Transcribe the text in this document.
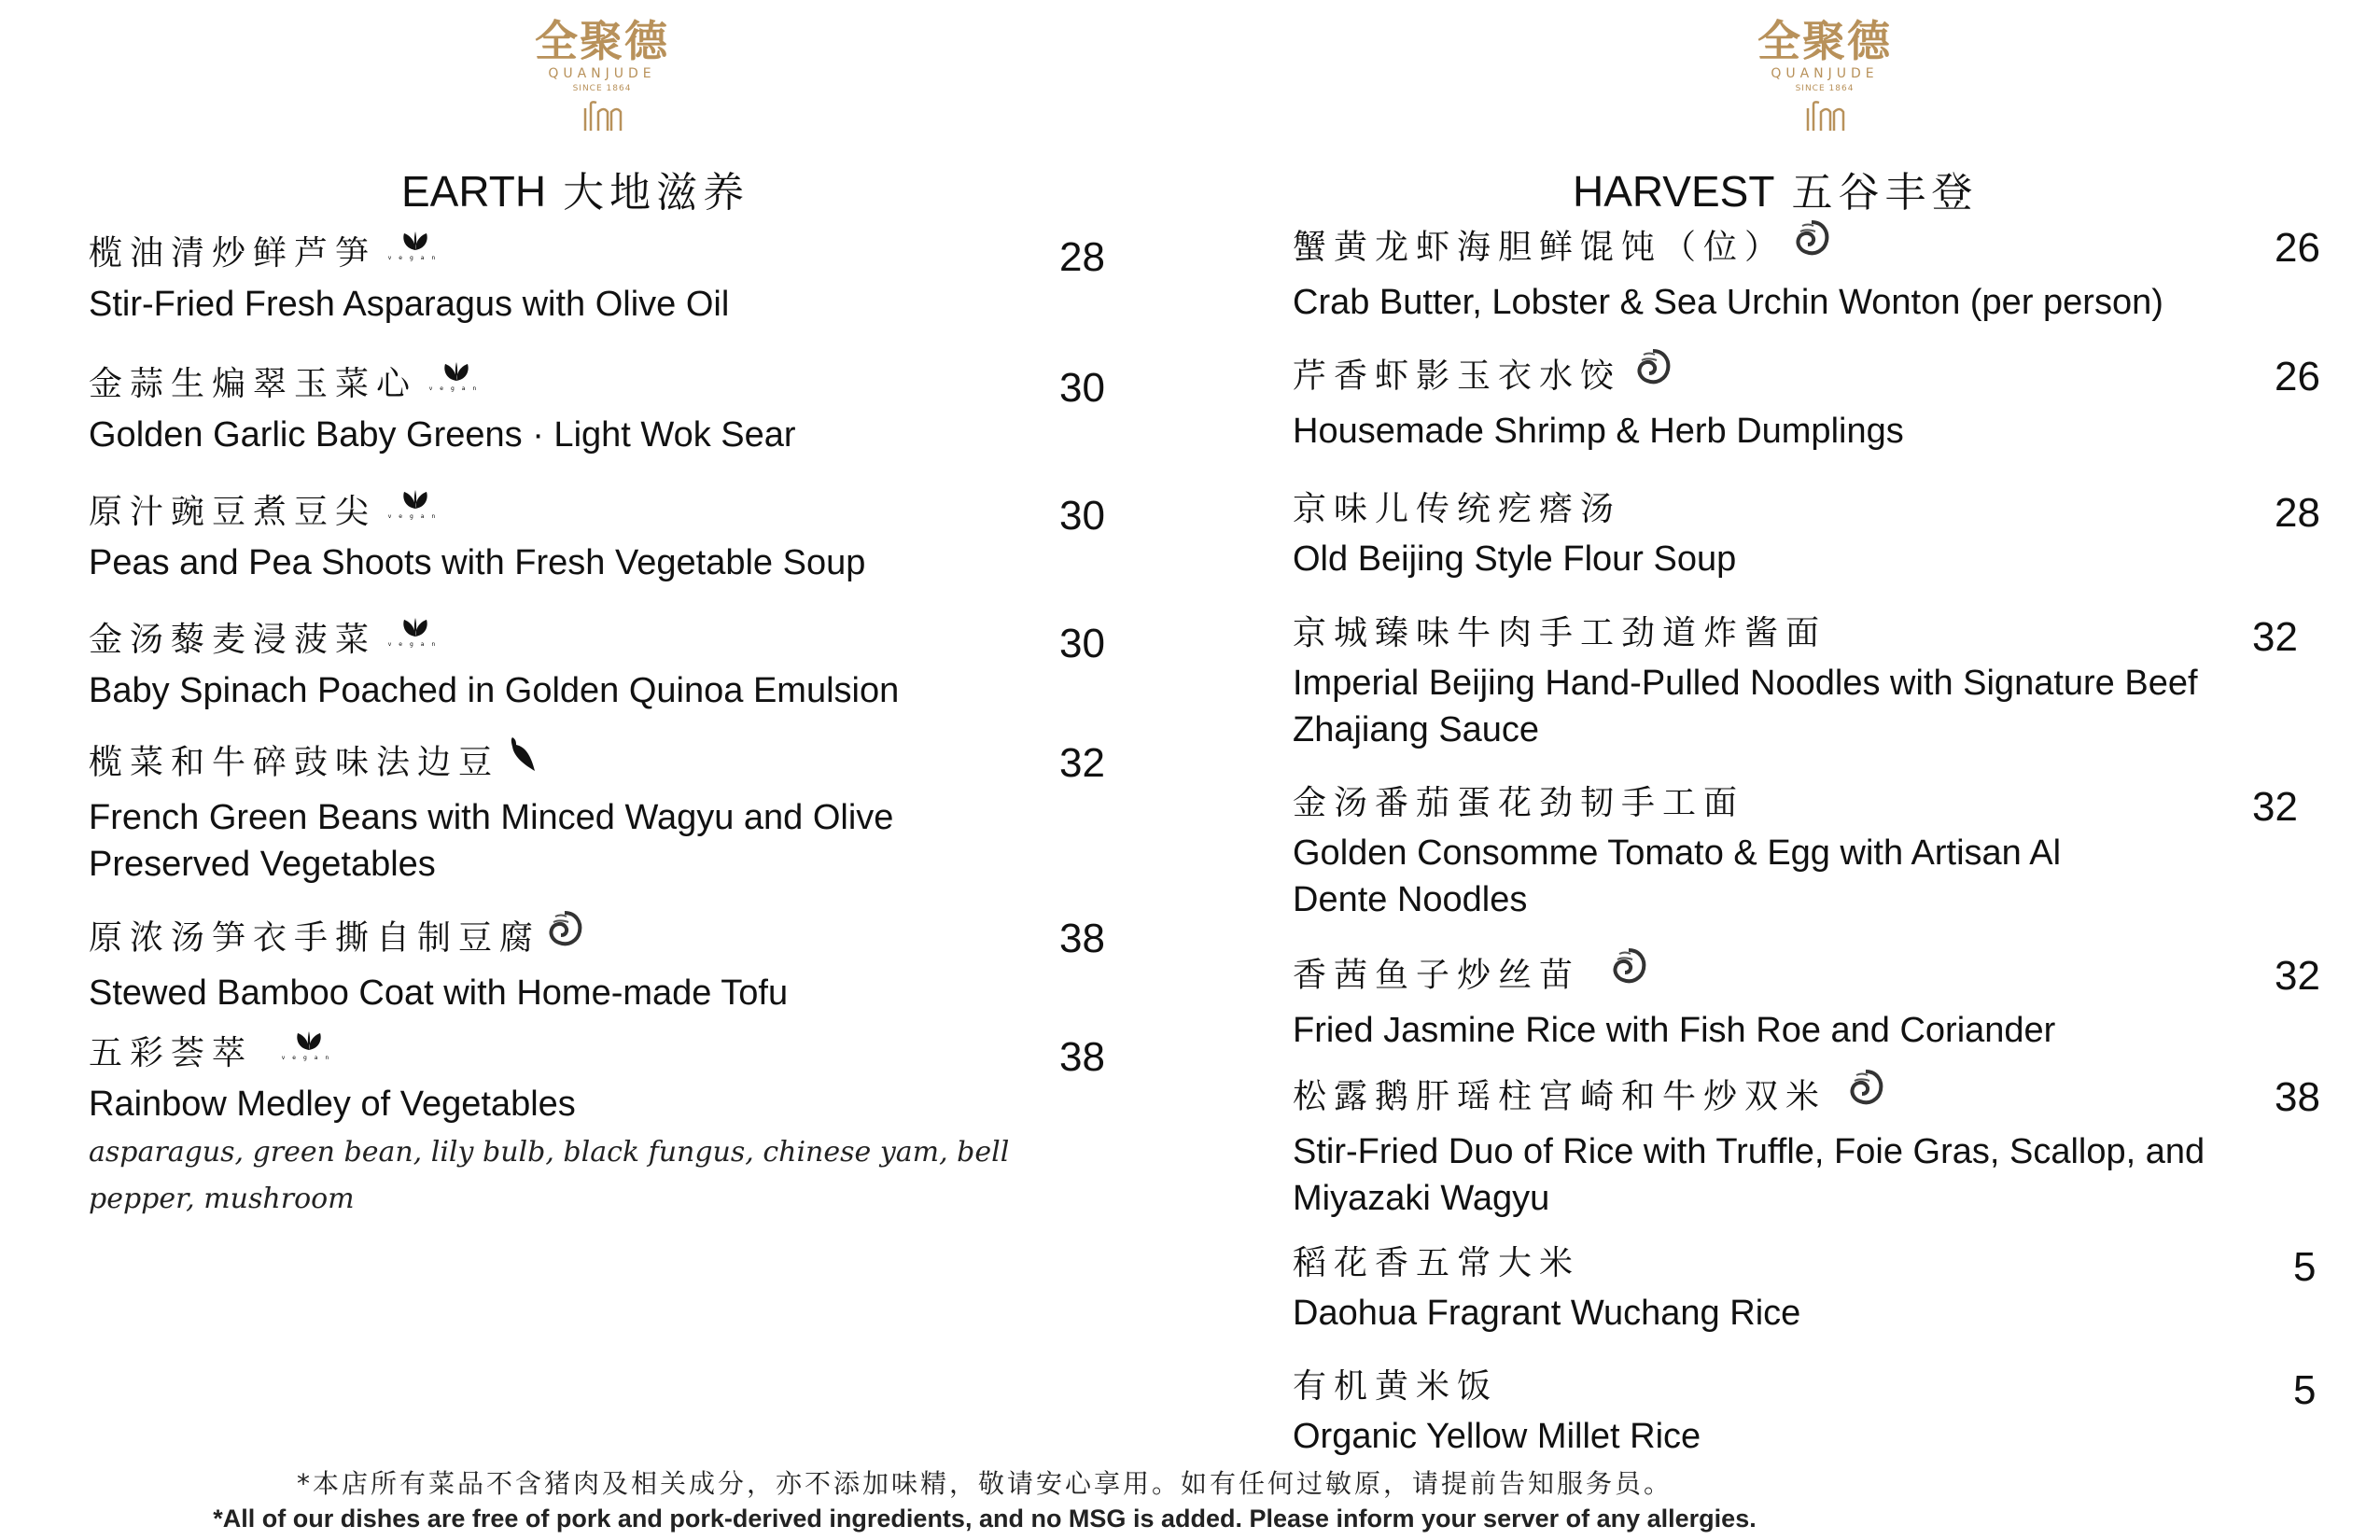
全聚德
QUANJUDE
SINCE 1864
EARTH 大地滋养
榄油清炒鲜芦笋 vegan
Stir-Fried Fresh Asparagus with Olive Oil
28
金蒜生煸翠玉菜心 vegan
Golden Garlic Baby Greens · Light Wok Sear
30
原汁豌豆煮豆尖 vegan
Peas and Pea Shoots with Fresh Vegetable Soup
30
金汤藜麦浸菠菜 vegan
Baby Spinach Poached in Golden Quinoa Emulsion
30
榄菜和牛碎豉味法边豆
French Green Beans with Minced Wagyu and Olive Preserved Vegetables
32
原浓汤笋衣手撕自制豆腐
Stewed Bamboo Coat with Home-made Tofu
38
五彩荟萃	vegan
Rainbow Medley of Vegetables
asparagus, green bean, lily bulb, black fungus, chinese yam, bell pepper, mushroom
38
全聚德
QUANJUDE
SINCE 1864
HARVEST 五谷丰登
蟹黄龙虾海胆鲜馄饨（位）
Crab Butter, Lobster & Sea Urchin Wonton (per person)
26
芹香虾影玉衣水饺
Housemade Shrimp & Herb Dumplings
26
京味儿传统疙瘩汤
Old Beijing Style Flour Soup
28
京城臻味牛肉手工劲道炸酱面
Imperial Beijing Hand-Pulled Noodles with Signature Beef Zhajiang Sauce
32
金汤番茄蛋花劲韧手工面
Golden Consomme Tomato & Egg with Artisan Al Dente Noodles
32
香茜鱼子炒丝苗
Fried Jasmine Rice with Fish Roe and Coriander
32
松露鹅肝瑶柱宫崎和牛炒双米
Stir-Fried Duo of Rice with Truffle, Foie Gras, Scallop, and Miyazaki Wagyu
38
稻花香五常大米
Daohua Fragrant Wuchang Rice
5
有机黄米饭
Organic Yellow Millet Rice
5
*本店所有菜品不含猪肉及相关成分，亦不添加味精，敬请安心享用。如有任何过敏原，请提前告知服务员。
*All of our dishes are free of pork and pork-derived ingredients, and no MSG is added. Please inform your server of any allergies.
